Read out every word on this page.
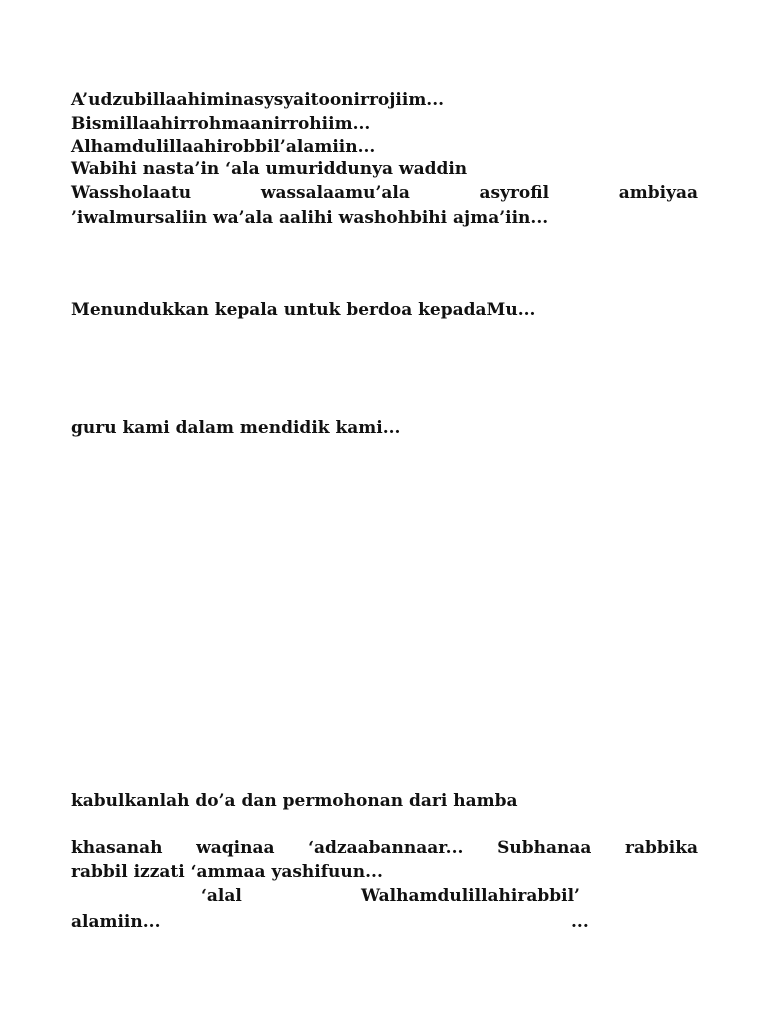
A’udzubillaahiminasysyaitoonirrojiim...
Bismillaahirrohmaanirrohiim...
Alhamdulillaahirobbil’alamiin...
Wabihi nasta’in ‘ala umuriddunya waddin
Wassholaatu	wassalaamu’ala	asyrofil	ambiyaa
’iwalmursaliin wa’ala aalihi washohbihi ajma’iin...
Menundukkan kepala untuk berdoa kepadaMu...
guru kami dalam mendidik kami...
kabulkanlah do’a dan permohonan dari hamba
khasanah waqinaa ‘adzaabannaar... Subhanaa rabbika
rabbil izzati ‘ammaa yashifuun...
‘alal	Walhamdulillahirabbil’
alamiin...	...
